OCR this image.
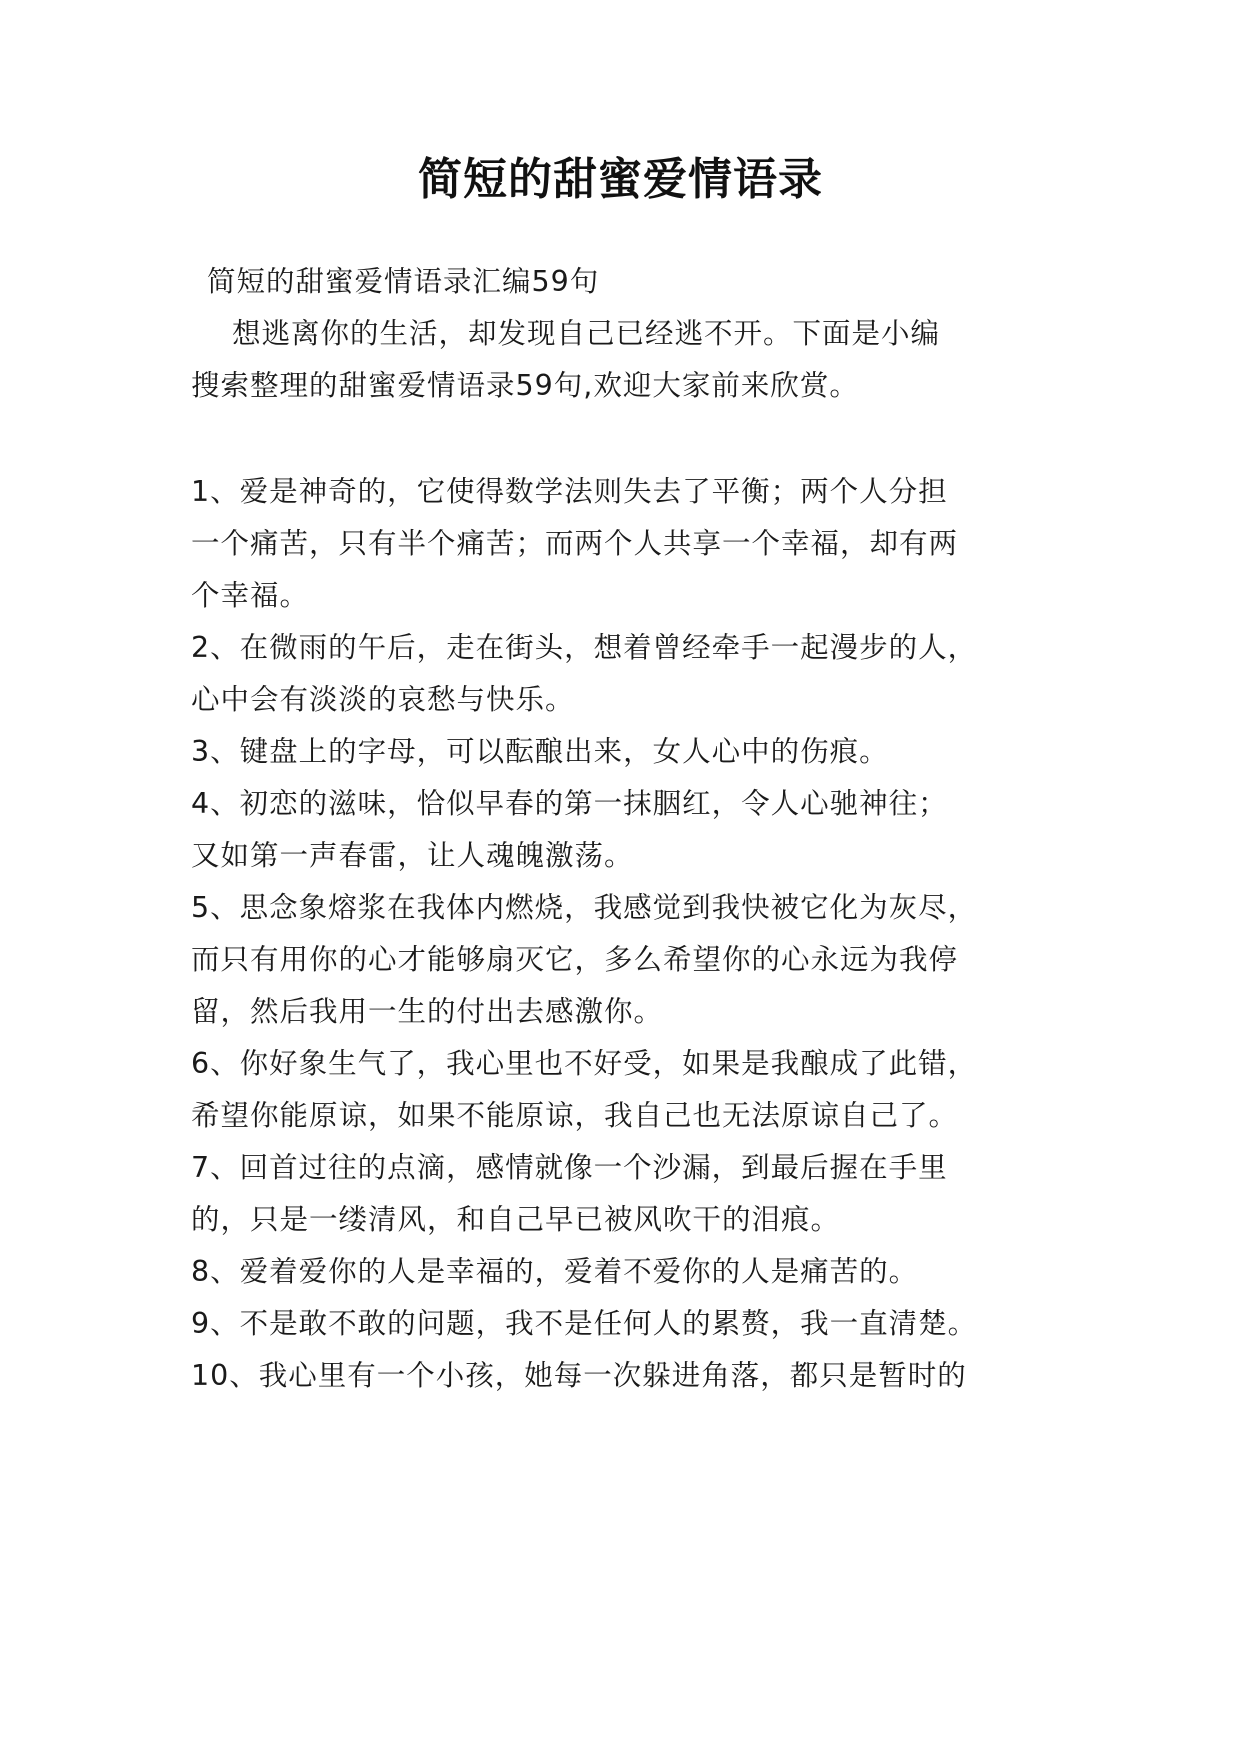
简短的甜蜜爱情语录
简短的甜蜜爱情语录汇编59句
想逃离你的生活，却发现自己已经逃不开。下面是小编
搜索整理的甜蜜爱情语录59句,欢迎大家前来欣赏。
1、爱是神奇的，它使得数学法则失去了平衡；两个人分担
一个痛苦，只有半个痛苦；而两个人共享一个幸福，却有两
个幸福。
2、在微雨的午后，走在街头，想着曾经牵手一起漫步的人，
心中会有淡淡的哀愁与快乐。
3、键盘上的字母，可以酝酿出来，女人心中的伤痕。
4、初恋的滋味，恰似早春的第一抹胭红，令人心驰神往；
又如第一声春雷，让人魂魄激荡。
5、思念象熔浆在我体内燃烧，我感觉到我快被它化为灰尽，
而只有用你的心才能够扇灭它，多么希望你的心永远为我停
留，然后我用一生的付出去感激你。
6、你好象生气了，我心里也不好受，如果是我酿成了此错，
希望你能原谅，如果不能原谅，我自己也无法原谅自己了。
7、回首过往的点滴，感情就像一个沙漏，到最后握在手里
的，只是一缕清风，和自己早已被风吹干的泪痕。
8、爱着爱你的人是幸福的，爱着不爱你的人是痛苦的。
9、不是敢不敢的问题，我不是任何人的累赘，我一直清楚。
10、我心里有一个小孩，她每一次躲进角落，都只是暂时的
